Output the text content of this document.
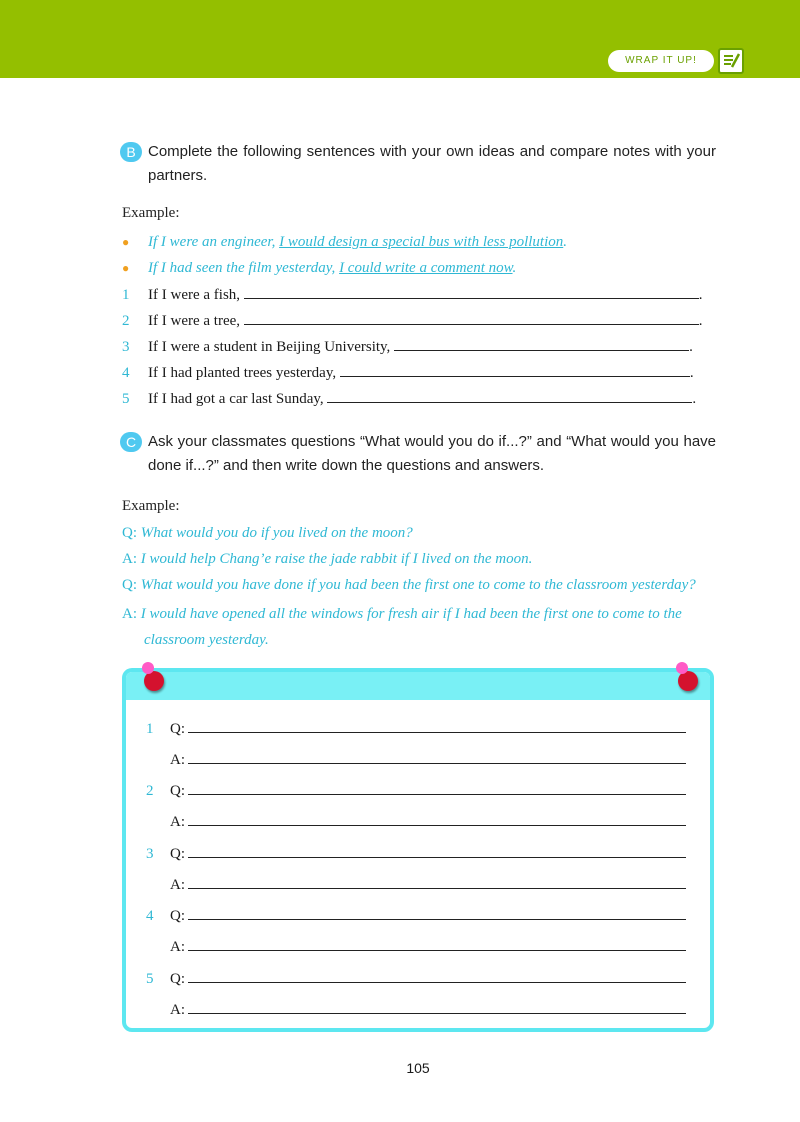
WRAP IT UP!
B Complete the following sentences with your own ideas and compare notes with your partners.
Example:
● If I were an engineer, I would design a special bus with less pollution.
● If I had seen the film yesterday, I could write a comment now.
1 If I were a fish,	.
2 If I were a tree,	.
3 If I were a student in Beijing University,	.
4 If I had planted trees yesterday,	.
5 If I had got a car last Sunday,	.
C Ask your classmates questions “What would you do if...?” and “What would you have done if...?” and then write down the questions and answers.
Example:
Q: What would you do if you lived on the moon?
A: I would help Chang’e raise the jade rabbit if I lived on the moon.
Q: What would you have done if you had been the first one to come to the classroom yesterday?
A: I would have opened all the windows for fresh air if I had been the first one to come to the classroom yesterday.
1 Q:
A:
2 Q:
A:
3 Q:
A:
4 Q:
A:
5 Q:
A:
105
